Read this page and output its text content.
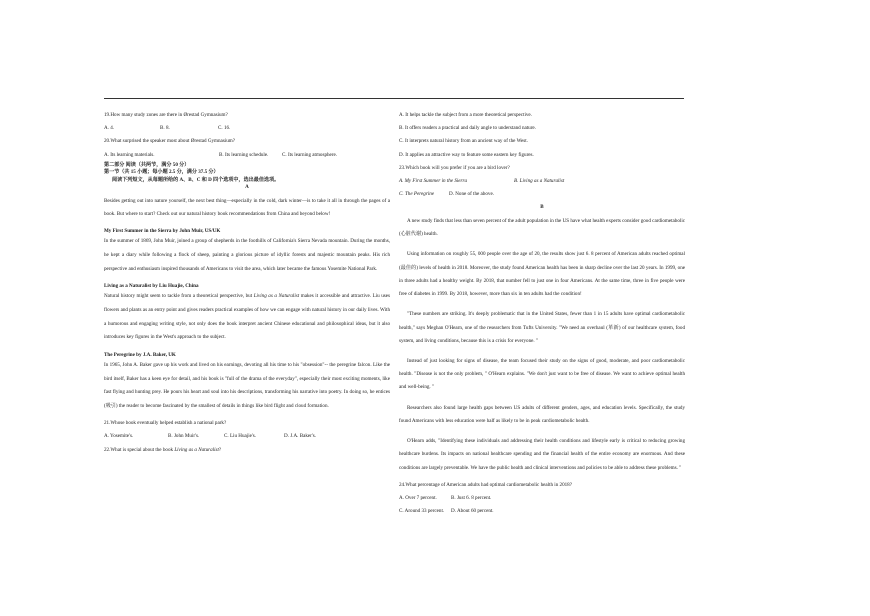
19.How many study zones are there in Ørestad Gymnasium?

A. 4.	B. 8.	C. 16.

20.What surprised the speaker most about Ørestad Gymnasium?

A. Its learning materials.	B. Its learning schedule.	C. Its learning atmosphere.

第二部分 阅读（共两节，满分 50 分）

第一节（共 15 小题；每小题 2.5 分，满分 37.5 分）

阅读下列短文，从每题所给的 A、B、C 和 D 四个选项中，选出最佳选项。

A

Besides getting out into nature yourself, the next best thing—especially in the cold, dark winter—is to take it all in through the pages of a book. But where to start? Check out our natural history book recommendations from China and beyond below!

My First Summer in the Sierra by John Muir, US/UK

In the summer of 1869, John Muir, joined a group of shepherds in the foothills of California's Sierra Nevada mountain. During the months, he kept a diary while following a flock of sheep, painting a glorious picture of idyllic forests and majestic mountain peaks. His rich perspective and enthusiasm inspired thousands of Americans to visit the area, which later became the famous Yosemite National Park.

Living as a Naturalist by Liu Huajie, China

Natural history might seem to tackle from a theoretical perspective, but Living as a Naturalist makes it accessible and attractive. Liu uses flowers and plants as an entry point and gives readers practical examples of how we can engage with natural history in our daily lives. With a humorous and engaging writing style, not only does the book interpret ancient Chinese educational and philosophical ideas, but it also introduces key figures in the West's approach to the subject.

The Peregrine by J.A. Baker, UK

In 1965, John A. Baker gave up his work and lived on his earnings, devoting all his time to his "obsession"-- the peregrine falcon. Like the bird itself, Baker has a keen eye for detail, and his book is "full of the drama of the everyday", especially their most exciting moments, like fast flying and hunting prey. He pours his heart and soul into his descriptions, transforming his narrative into poetry. In doing so, he entices (吸引) the reader to become fascinated by the smallest of details in things like bird flight and cloud formation.

21.Whose book eventually helped establish a national park?

A. Yosemite's.	B. John Muir's.	C. Liu Huajie's.	D. J.A. Baker's.

22.What is special about the book Living as a Naturalist?

A. It helps tackle the subject from a more theoretical perspective.

B. It offers readers a practical and daily angle to understand nature.

C. It interprets natural history from an ancient way of the West.

D. It applies an attractive way to feature some eastern key figures.

23.Which book will you prefer if you are a bird lover?

A. My First Summer in the Sierra	B. Living as a Naturalist

C. The Peregrine	D. None of the above.

B

A new study finds that less than seven percent of the adult population in the US have what health experts consider good cardiometabolic (心脏代谢) health.

Using information on roughly 55, 000 people over the age of 20, the results show just 6. 8 percent of American adults reached optimal (最佳的) levels of health in 2018. Moreover, the study found American health has been in sharp decline over the last 20 years. In 1999, one in three adults had a healthy weight. By 2018, that number fell to just one in four Americans. At the same time, three in five people were free of diabetes in 1999. By 2018, however, more than six in ten adults had the condition!

"These numbers are striking. It's deeply problematic that in the United States, fewer than 1 in 15 adults have optimal cardiometabolic health," says Meghan O'Hearn, one of the researchers from Tufts University. "We need an overhaul (革新) of our healthcare system, food system, and living conditions, because this is a crisis for everyone. "

Instead of just looking for signs of disease, the team focused their study on the signs of good, moderate, and poor cardiometabolic health. "Disease is not the only problem, " O'Hearn explains. "We don't just want to be free of disease. We want to achieve optimal health and well-being. "

Researchers also found large health gaps between US adults of different genders, ages, and education levels. Specifically, the study found Americans with less education were half as likely to be in peak cardiometabolic health.

O'Hearn adds, "Identifying these individuals and addressing their health conditions and lifestyle early is critical to reducing growing healthcare burdens. Its impacts on national healthcare spending and the financial health of the entire economy are enormous. And these conditions are largely preventable. We have the public health and clinical interventions and policies to be able to address these problems. "

24.What percentage of American adults had optimal cardiometabolic health in 2018?

A. Over 7 percent.	B. Just 6. 8 percent.

C. Around 33 percent. D. About 60 percent.
